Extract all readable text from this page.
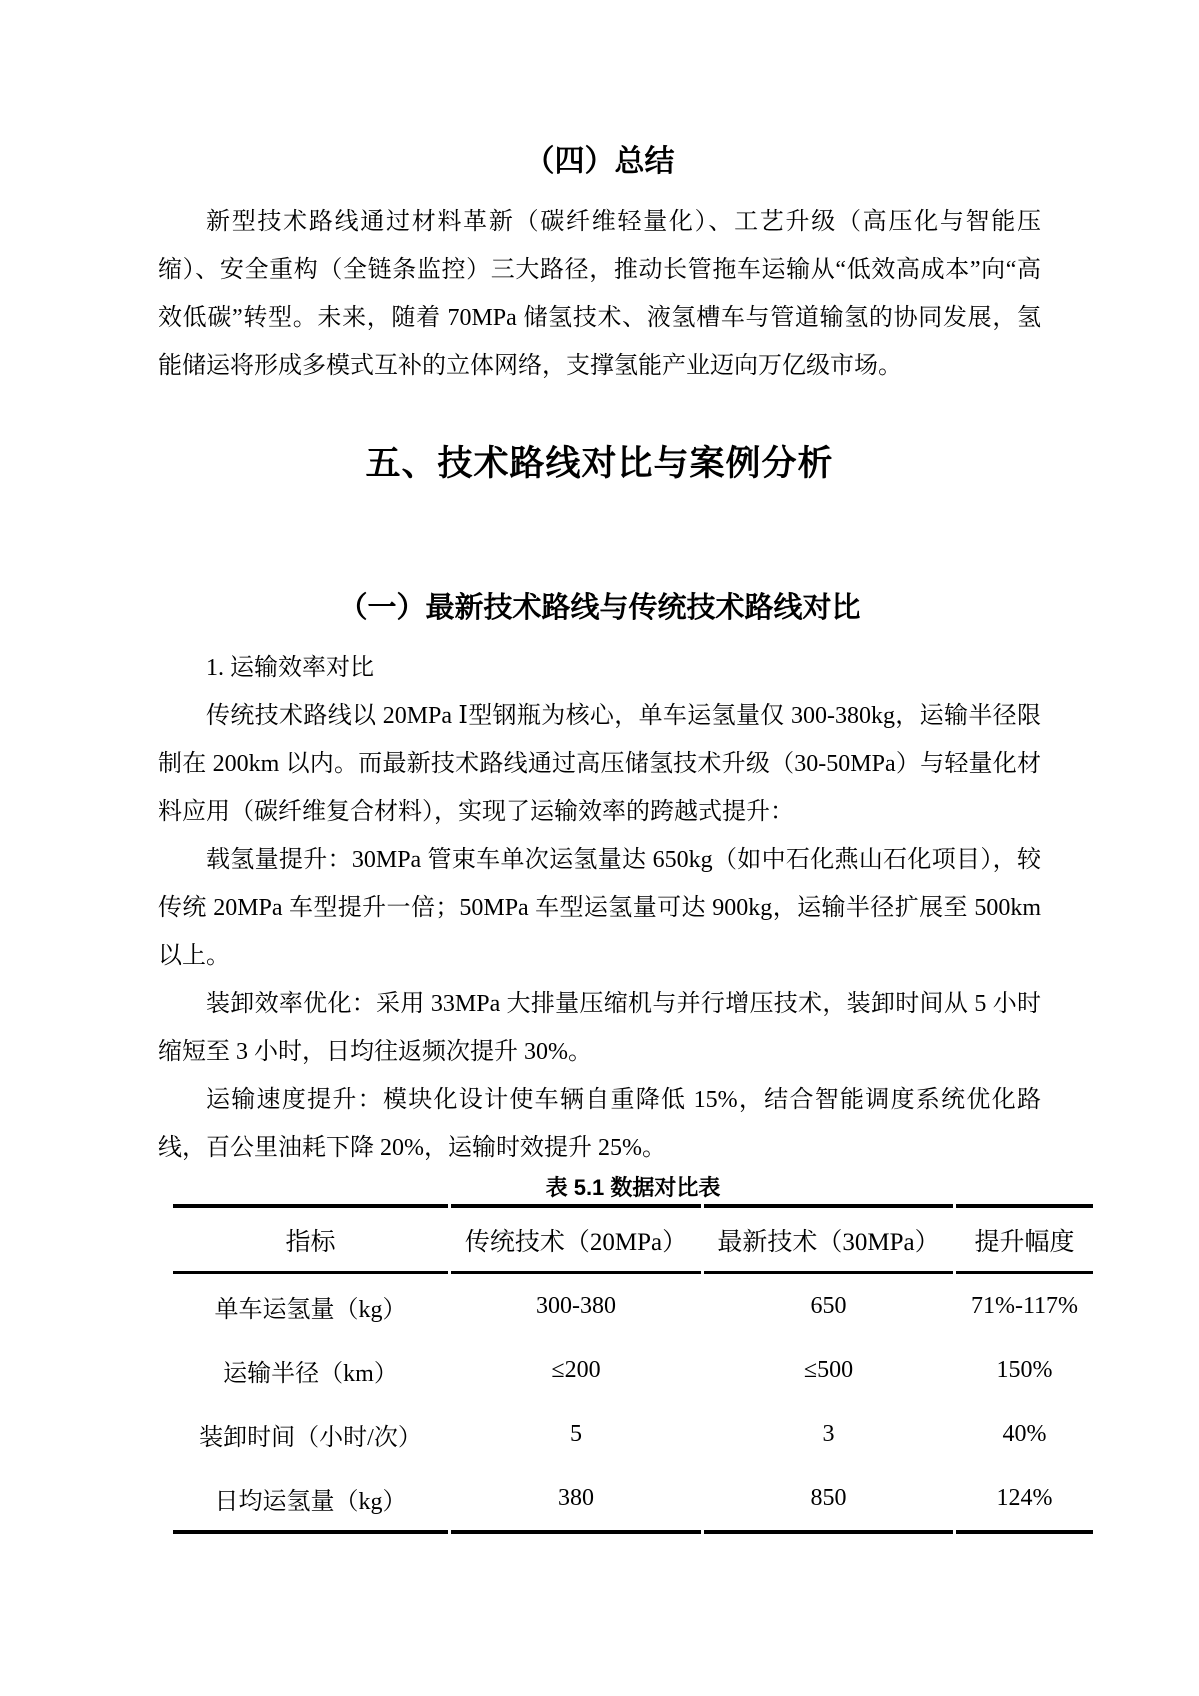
（四）总结

新型技术路线通过材料革新（碳纤维轻量化）、工艺升级（高压化与智能压缩）、安全重构（全链条监控）三大路径，推动长管拖车运输从“低效高成本”向“高效低碳”转型。未来，随着 70MPa 储氢技术、液氢槽车与管道输氢的协同发展，氢能储运将形成多模式互补的立体网络，支撑氢能产业迈向万亿级市场。

五、技术路线对比与案例分析
（一）最新技术路线与传统技术路线对比

1. 运输效率对比

传统技术路线以 20MPa Ⅰ型钢瓶为核心，单车运氢量仅 300-380kg，运输半径限制在 200km 以内。而最新技术路线通过高压储氢技术升级（30-50MPa）与轻量化材料应用（碳纤维复合材料），实现了运输效率的跨越式提升：

载氢量提升：30MPa 管束车单次运氢量达 650kg（如中石化燕山石化项目），较传统 20MPa 车型提升一倍；50MPa 车型运氢量可达 900kg，运输半径扩展至 500km 以上。

装卸效率优化：采用 33MPa 大排量压缩机与并行增压技术，装卸时间从 5 小时缩短至 3 小时，日均往返频次提升 30%。

运输速度提升：模块化设计使车辆自重降低 15%，结合智能调度系统优化路线，百公里油耗下降 20%，运输时效提升 25%。

表 5.1 数据对比表
指标	传统技术（20MPa）	最新技术（30MPa）	提升幅度
单车运氢量（kg）	300-380	650	71%-117%
运输半径（km）	≤200	≤500	150%
装卸时间（小时/次）	5	3	40%
日均运氢量（kg）	380	850	124%
